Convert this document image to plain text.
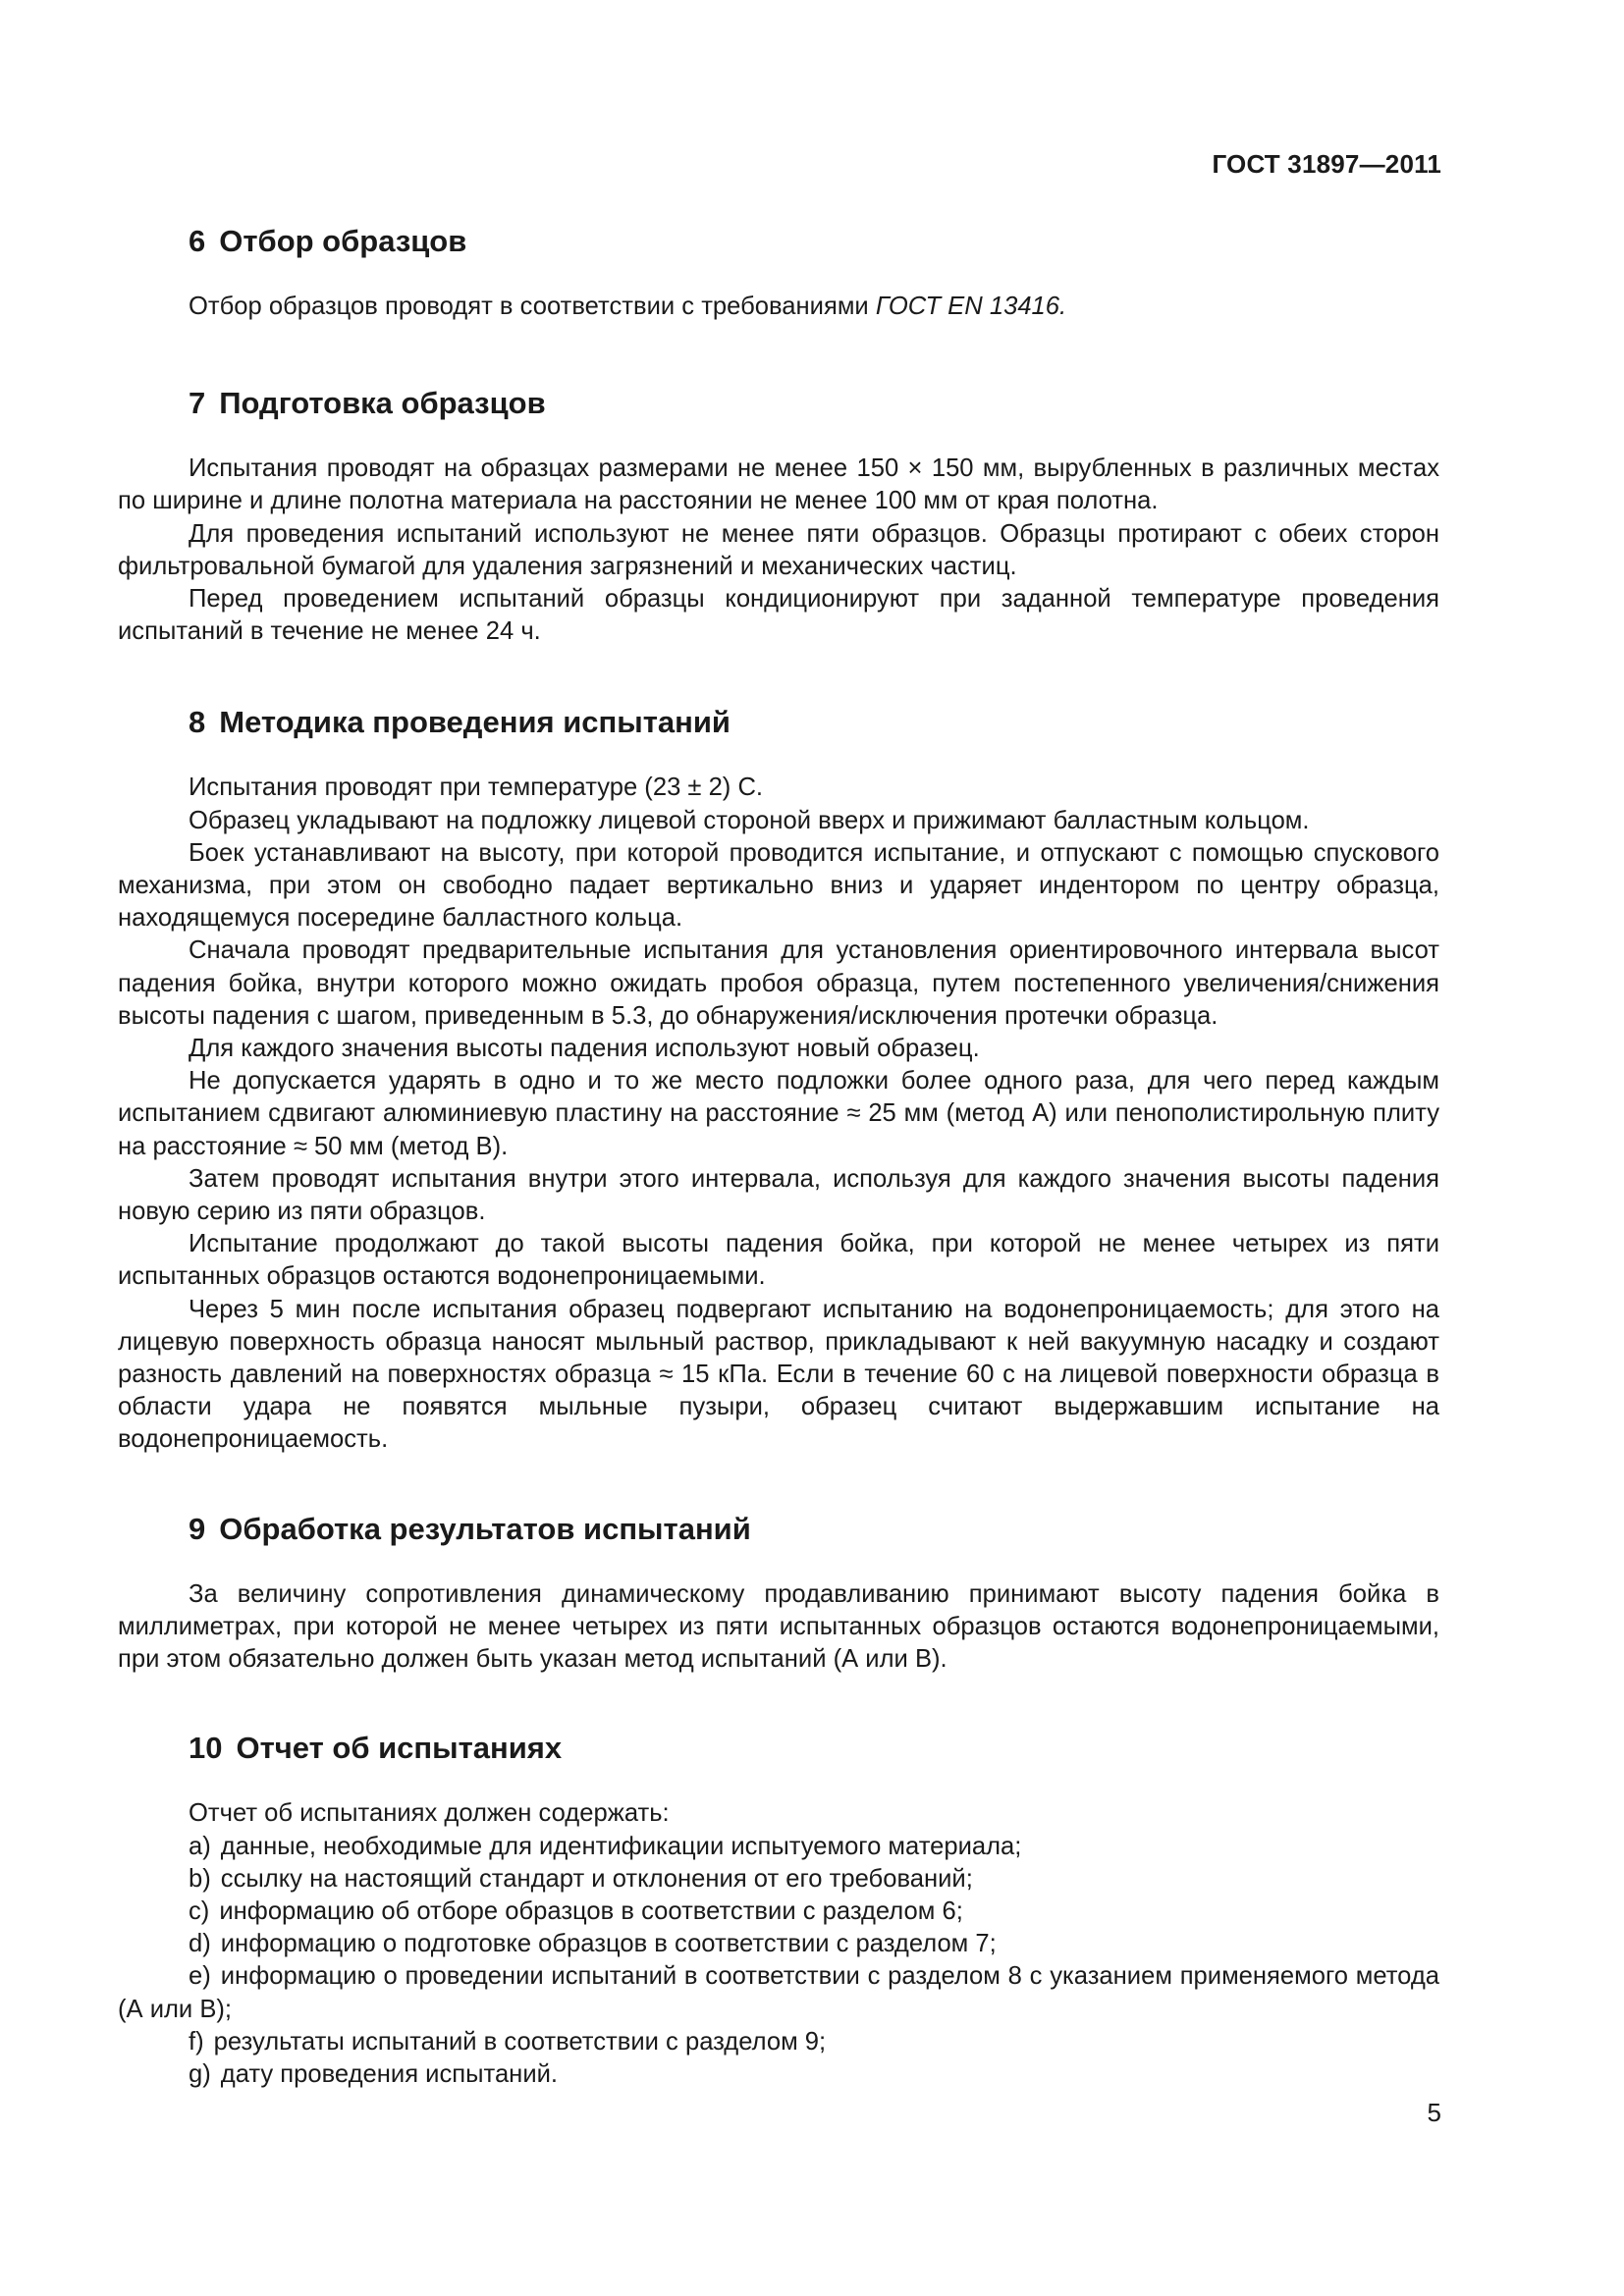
ГОСТ 31897—2011
6 Отбор образцов

Отбор образцов проводят в соответствии с требованиями ГОСТ EN 13416.

7 Подготовка образцов

Испытания проводят на образцах размерами не менее 150 × 150 мм, вырубленных в различных местах по ширине и длине полотна материала на расстоянии не менее 100 мм от края полотна.

Для проведения испытаний используют не менее пяти образцов. Образцы протирают с обеих сторон фильтровальной бумагой для удаления загрязнений и механических частиц.

Перед проведением испытаний образцы кондиционируют при заданной температуре проведения испытаний в течение не менее 24 ч.

8 Методика проведения испытаний

Испытания проводят при температуре (23 ± 2) С.

Образец укладывают на подложку лицевой стороной вверх и прижимают балластным кольцом.

Боек устанавливают на высоту, при которой проводится испытание, и отпускают с помощью спускового механизма, при этом он свободно падает вертикально вниз и ударяет индентором по центру образца, находящемуся посередине балластного кольца.

Сначала проводят предварительные испытания для установления ориентировочного интервала высот падения бойка, внутри которого можно ожидать пробоя образца, путем постепенного увеличения/снижения высоты падения с шагом, приведенным в 5.3, до обнаружения/исключения протечки образца.

Для каждого значения высоты падения используют новый образец.

Не допускается ударять в одно и то же место подложки более одного раза, для чего перед каждым испытанием сдвигают алюминиевую пластину на расстояние ≈ 25 мм (метод А) или пенополистирольную плиту на расстояние ≈ 50 мм (метод В).

Затем проводят испытания внутри этого интервала, используя для каждого значения высоты падения новую серию из пяти образцов.

Испытание продолжают до такой высоты падения бойка, при которой не менее четырех из пяти испытанных образцов остаются водонепроницаемыми.

Через 5 мин после испытания образец подвергают испытанию на водонепроницаемость; для этого на лицевую поверхность образца наносят мыльный раствор, прикладывают к ней вакуумную насадку и создают разность давлений на поверхностях образца ≈ 15 кПа. Если в течение 60 с на лицевой поверхности образца в области удара не появятся мыльные пузыри, образец считают выдержавшим испытание на водонепроницаемость.

9 Обработка результатов испытаний

За величину сопротивления динамическому продавливанию принимают высоту падения бойка в миллиметрах, при которой не менее четырех из пяти испытанных образцов остаются водонепроницаемыми, при этом обязательно должен быть указан метод испытаний (А или В).

10 Отчет об испытаниях

Отчет об испытаниях должен содержать:

a) данные, необходимые для идентификации испытуемого материала;

b) ссылку на настоящий стандарт и отклонения от его требований;

c) информацию об отборе образцов в соответствии с разделом 6;

d) информацию о подготовке образцов в соответствии с разделом 7;

e) информацию о проведении испытаний в соответствии с разделом 8 с указанием применяемого метода (А или В);

f) результаты испытаний в соответствии с разделом 9;

g) дату проведения испытаний.

5
